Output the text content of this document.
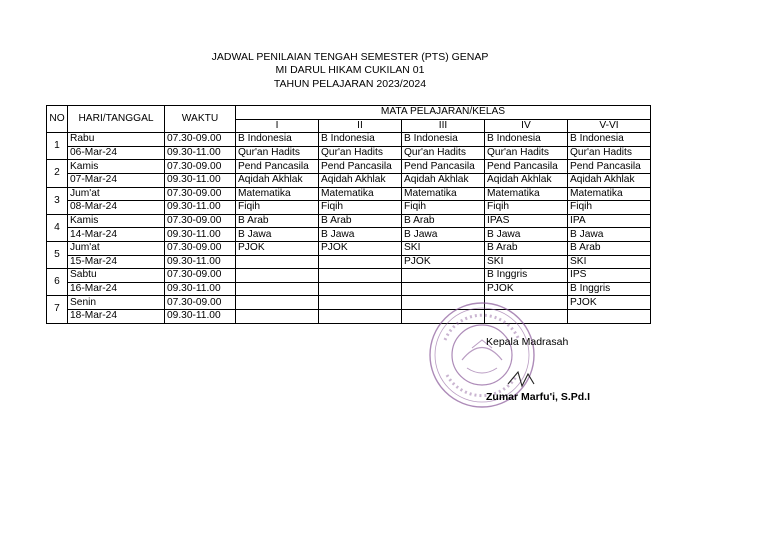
JADWAL PENILAIAN TENGAH SEMESTER (PTS) GENAP
MI DARUL HIKAM CUKILAN 01
TAHUN PELAJARAN 2023/2024
NO	HARI/TANGGAL	WAKTU	MATA PELAJARAN/KELAS				
			I	II	III	IV	V-VI
1	Rabu	07.30-09.00	B Indonesia	B Indonesia	B Indonesia	B Indonesia	B Indonesia
	06-Mar-24	09.30-11.00	Qur'an Hadits	Qur'an Hadits	Qur'an Hadits	Qur'an Hadits	Qur'an Hadits
2	Kamis	07.30-09.00	Pend Pancasila	Pend Pancasila	Pend Pancasila	Pend Pancasila	Pend Pancasila
	07-Mar-24	09.30-11.00	Aqidah Akhlak	Aqidah Akhlak	Aqidah Akhlak	Aqidah Akhlak	Aqidah Akhlak
3	Jum'at	07.30-09.00	Matematika	Matematika	Matematika	Matematika	Matematika
	08-Mar-24	09.30-11.00	Fiqih	Fiqih	Fiqih	Fiqih	Fiqih
4	Kamis	07.30-09.00	B Arab	B Arab	B Arab	IPAS	IPA
	14-Mar-24	09.30-11.00	B Jawa	B Jawa	B Jawa	B Jawa	B Jawa
5	Jum'at	07.30-09.00	PJOK	PJOK	SKI	B Arab	B Arab
	15-Mar-24	09.30-11.00			PJOK	SKI	SKI
6	Sabtu	07.30-09.00				B Inggris	IPS
	16-Mar-24	09.30-11.00				PJOK	B Inggris
7	Senin	07.30-09.00					PJOK
	18-Mar-24	09.30-11.00					
Kepala Madrasah
Zumar Marfu'i, S.Pd.I
